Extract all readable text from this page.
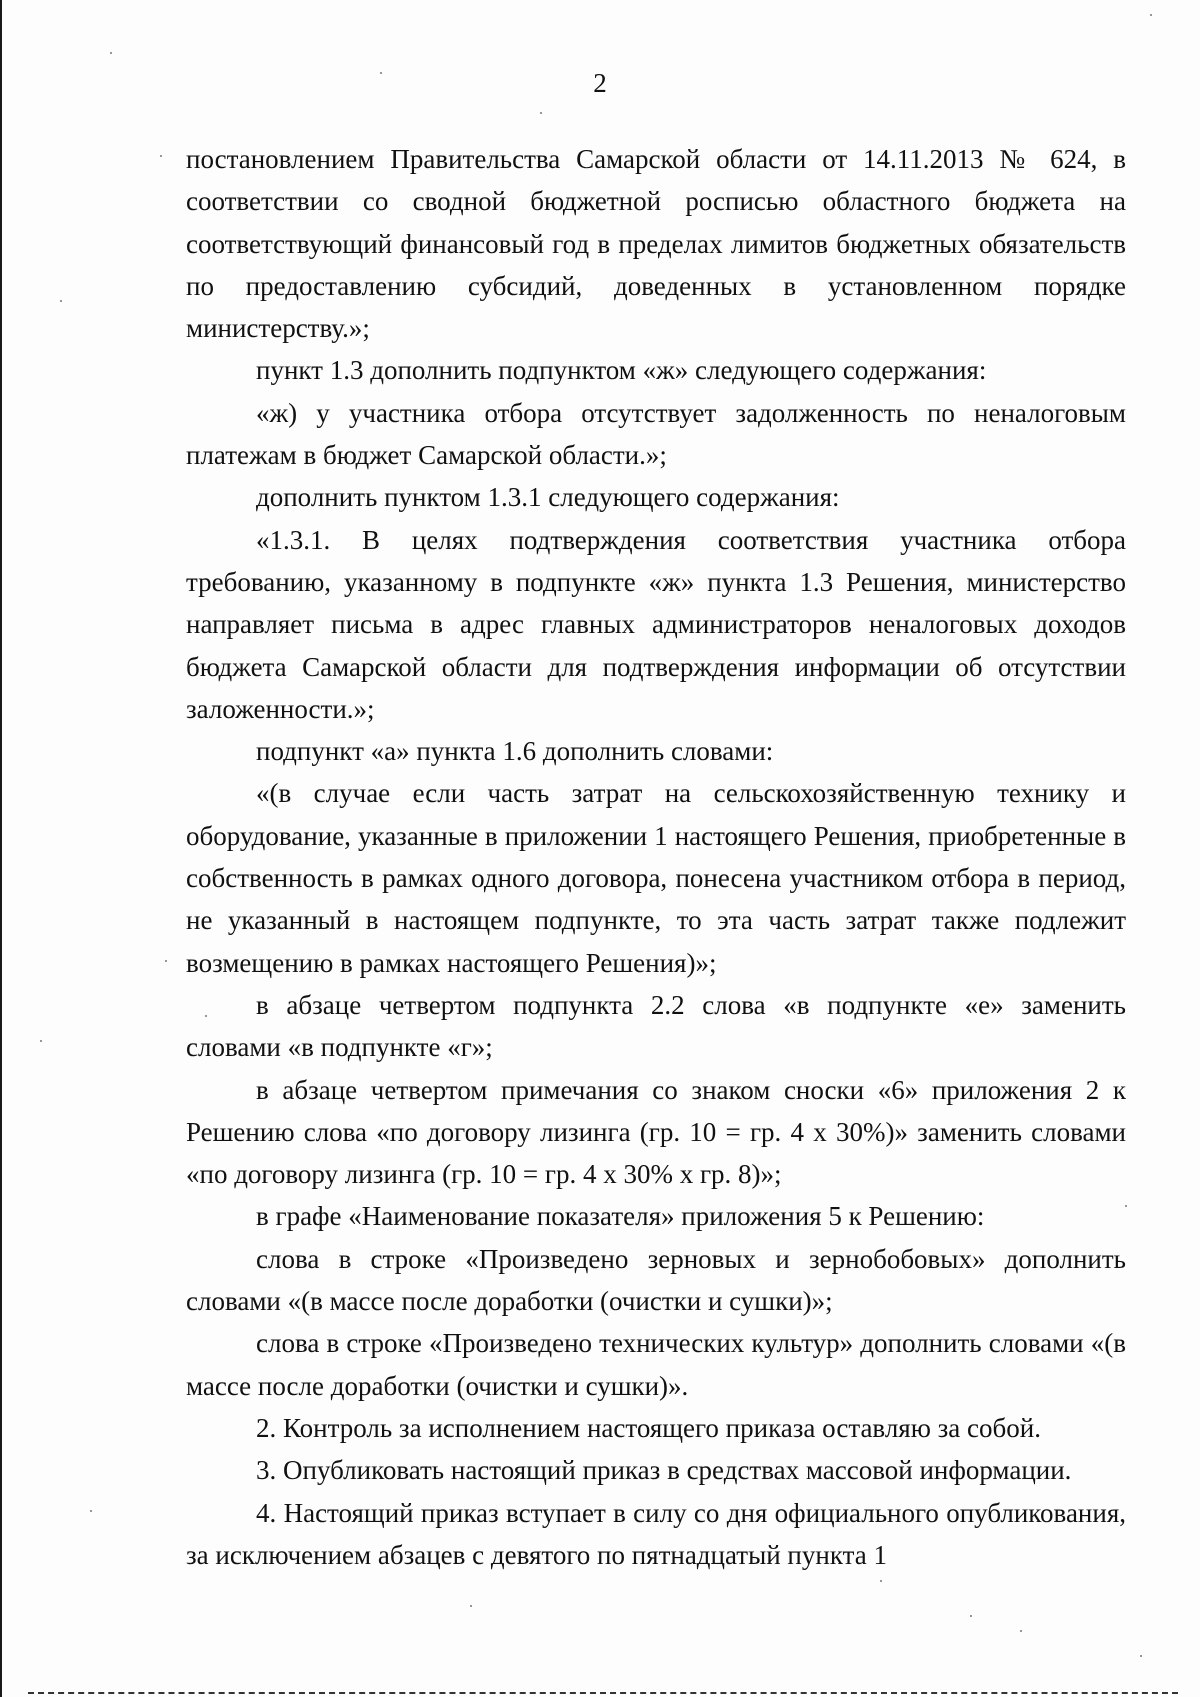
2

постановлением Правительства Самарской области от 14.11.2013 № 624, в соответствии со сводной бюджетной росписью областного бюджета на соответствующий финансовый год в пределах лимитов бюджетных обязательств по предоставлению субсидий, доведенных в установленном порядке министерству.»;

пункт 1.3 дополнить подпунктом «ж» следующего содержания:

«ж) у участника отбора отсутствует задолженность по неналоговым платежам в бюджет Самарской области.»;

дополнить пунктом 1.3.1 следующего содержания:

«1.3.1. В целях подтверждения соответствия участника отбора требованию, указанному в подпункте «ж» пункта 1.3 Решения, министерство направляет письма в адрес главных администраторов неналоговых доходов бюджета Самарской области для подтверждения информации об отсутствии заложенности.»;

подпункт «а» пункта 1.6 дополнить словами:

«(в случае если часть затрат на сельскохозяйственную технику и оборудование, указанные в приложении 1 настоящего Решения, приобретенные в собственность в рамках одного договора, понесена участником отбора в период, не указанный в настоящем подпункте, то эта часть затрат также подлежит возмещению в рамках настоящего Решения)»;

в абзаце четвертом подпункта 2.2 слова «в подпункте «е» заменить словами «в подпункте «г»;

в абзаце четвертом примечания со знаком сноски «6» приложения 2 к Решению слова «по договору лизинга (гр. 10 = гр. 4 х 30%)» заменить словами «по договору лизинга (гр. 10 = гр. 4 х 30% х гр. 8)»;

в графе «Наименование показателя» приложения 5 к Решению:

слова в строке «Произведено зерновых и зернобобовых» дополнить словами «(в массе после доработки (очистки и сушки)»;

слова в строке «Произведено технических культур» дополнить словами «(в массе после доработки (очистки и сушки)».

2. Контроль за исполнением настоящего приказа оставляю за собой.

3. Опубликовать настоящий приказ в средствах массовой информации.

4. Настоящий приказ вступает в силу со дня официального опубликования, за исключением абзацев с девятого по пятнадцатый пункта 1
